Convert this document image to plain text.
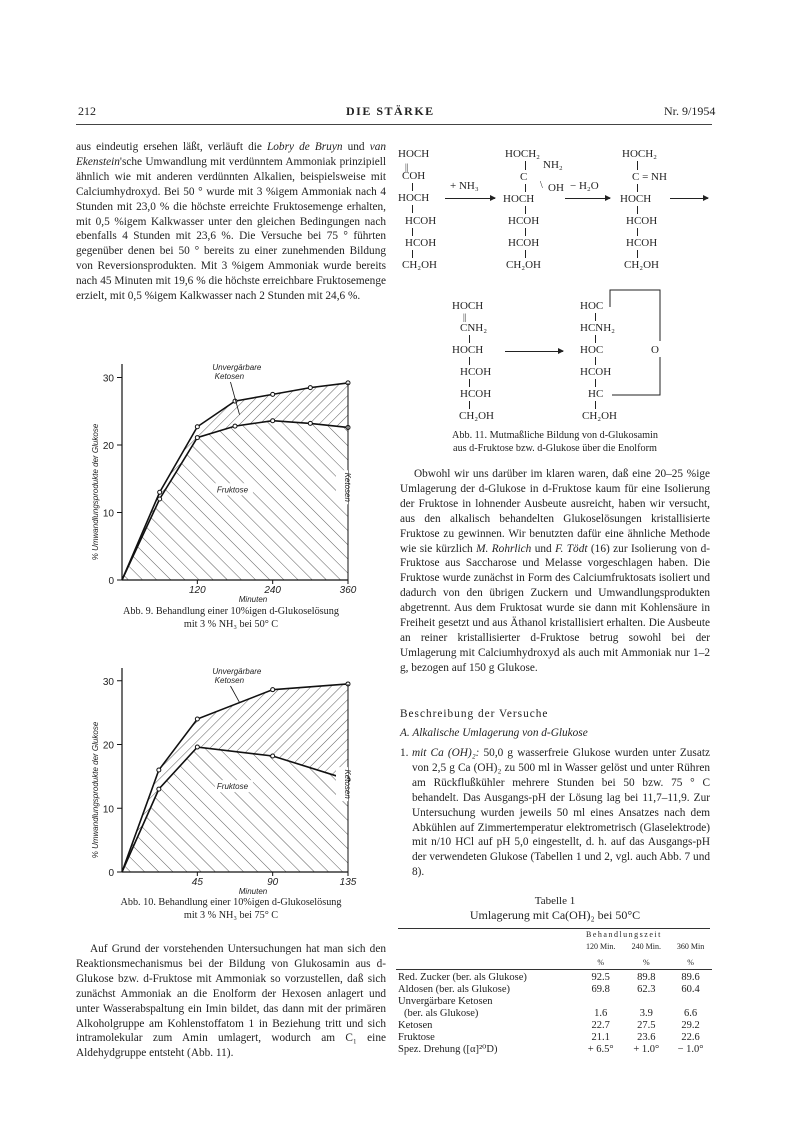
212	DIE STÄRKE	Nr. 9/1954

aus eindeutig ersehen läßt, verläuft die Lobry de Bruyn und van Ekenstein'sche Umwandlung mit verdünntem Ammoniak prinzipiell ähnlich wie mit anderen verdünnten Alkalien, beispielsweise mit Calciumhydroxyd. Bei 50 ° wurde mit 3 %igem Ammoniak nach 4 Stunden mit 23,0 % die höchste erreichte Fruktosemenge erhalten, mit 0,5 %igem Kalkwasser unter den gleichen Bedingungen nach ebenfalls 4 Stunden mit 23,6 %. Die Versuche bei 75 ° führten gegenüber denen bei 50 ° bereits zu einer zunehmenden Bildung von Reversionsprodukten. Mit 3 %igem Ammoniak wurde bereits nach 45 Minuten mit 19,6 % die höchste erreichbare Fruktosemenge erzielt, mit 0,5 %igem Kalkwasser nach 2 Stunden mit 24,6 %.

0
10
20
30
120	240	360
Minuten
% Umwandlungsprodukte der Glukose
Unvergärbare
Ketosen
Fruktose	Ketosen
Abb. 9. Behandlung einer 10%igen d-Glukoselösung
mit 3 % NH₃ bei 50° C
0
10
20
30
45	90	135
Minuten
% Umwandlungsprodukte der Glukose
Unvergärbare
Ketosen
Fruktose	Ketosen
Abb. 10. Behandlung einer 10%igen d-Glukoselösung
mit 3 % NH₃ bei 75° C
Auf Grund der vorstehenden Untersuchungen hat man sich den Reaktionsmechanismus bei der Bildung von Glukosamin aus d-Glukose bzw. d-Fruktose mit Ammoniak so vorzustellen, daß sich zunächst Ammoniak an die Enolform der Hexosen anlagert und unter Wasserabspaltung ein Imin bildet, das dann mit der primären Alkoholgruppe am Kohlenstoffatom 1 in Beziehung tritt und sich intramolekular zum Amin umlagert, wodurch am C₁ eine Aldehydgruppe entsteht (Abb. 11).
HOCH
||
COH
HOCH
HCOH
HCOH
CH₂OH
+ NH₃
HOCH₂
NH₂
C
\ OH
HOCH
HCOH
HCOH
CH₂OH
− H₂O
HOCH₂
C = NH
HOCH
HCOH
HCOH
CH₂OH
HOCH
||
CNH₂
HOCH
HCOH
HCOH
CH₂OH
HOC
HCNH₂
HOC	O
HCOH
HC
CH₂OH
Abb. 11. Mutmaßliche Bildung von d-Glukosamin
aus d-Fruktose bzw. d-Glukose über die Enolform

Obwohl wir uns darüber im klaren waren, daß eine 20–25 %ige Umlagerung der d-Glukose in d-Fruktose kaum für eine Isolierung der Fruktose in lohnender Ausbeute ausreicht, haben wir versucht, aus den alkalisch behandelten Glukoselösungen kristallisierte Fruktose zu gewinnen. Wir benutzten dafür eine ähnliche Methode wie sie kürzlich M. Rohrlich und F. Tödt (16) zur Isolierung von d-Fruktose aus Saccharose und Melasse vorgeschlagen haben. Die Fruktose wurde zunächst in Form des Calciumfruktosats isoliert und dadurch von den übrigen Zuckern und Umwandlungsprodukten abgetrennt. Aus dem Fruktosat wurde sie dann mit Kohlensäure in Freiheit gesetzt und aus Äthanol kristallisiert erhalten. Die Ausbeute an reiner kristallisierter d-Fruktose betrug sowohl bei der Umlagerung mit Calciumhydroxyd als auch mit Ammoniak nur 1–2 g, bezogen auf 150 g Glukose.

Beschreibung der Versuche
A. Alkalische Umlagerung von d-Glukose
1. mit Ca (OH)₂: 50,0 g wasserfreie Glukose wurden unter Zusatz von 2,5 g Ca (OH)₂ zu 500 ml in Wasser gelöst und unter Rühren am Rückflußkühler mehrere Stunden bei 50 bzw. 75 ° C behandelt. Das Ausgangs-pH der Lösung lag bei 11,7–11,9. Zur Untersuchung wurden jeweils 50 ml eines Ansatzes nach dem Abkühlen auf Zimmertemperatur elektrometrisch (Glaselektrode) mit n/10 HCl auf pH 5,0 eingestellt, d. h. auf das Ausgangs-pH der verwendeten Glukose (Tabellen 1 und 2, vgl. auch Abb. 7 und 8).
Tabelle 1
Umlagerung mit Ca(OH)₂ bei 50°C
Behandlungszeit
	120 Min.	240 Min.	360 Min
	%	%	%

Red. Zucker (ber. als Glukose)	92.5	89.8	89.6
Aldosen (ber. als Glukose)	69.8	62.3	60.4
Unvergärbare Ketosen			
(ber. als Glukose)	1.6	3.9	6.6
Ketosen	22.7	27.5	29.2
Fruktose	21.1	23.6	22.6
Spez. Drehung ([α]²⁰D)	+ 6.5°	+ 1.0°	− 1.0°
